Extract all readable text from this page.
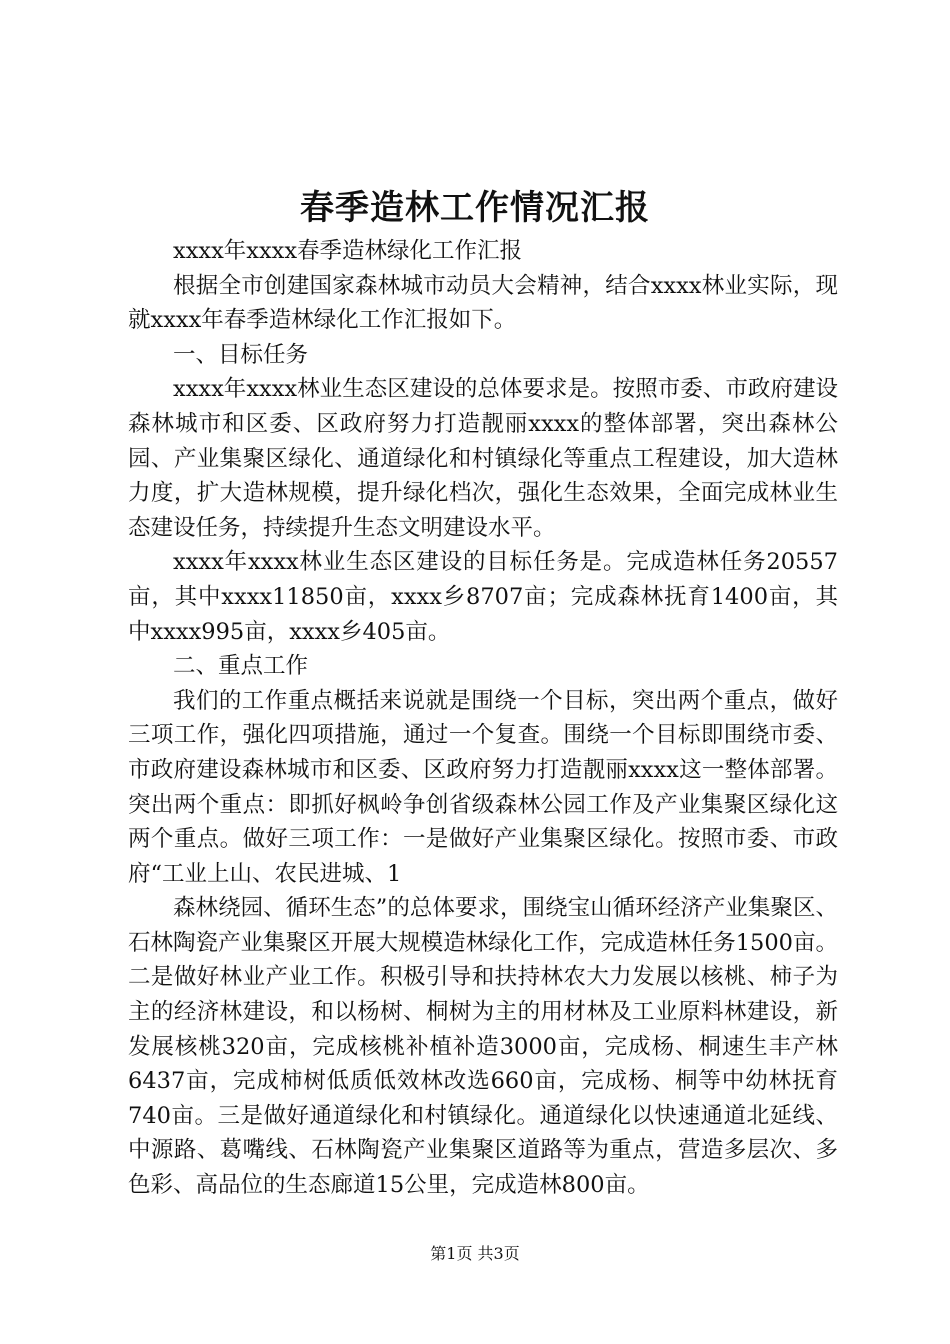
春季造林工作情况汇报

xxxx年xxxx春季造林绿化工作汇报

根据全市创建国家森林城市动员大会精神，结合xxxx林业实际，现就xxxx年春季造林绿化工作汇报如下。

一、目标任务

xxxx年xxxx林业生态区建设的总体要求是。按照市委、市政府建设森林城市和区委、区政府努力打造靓丽xxxx的整体部署，突出森林公园、产业集聚区绿化、通道绿化和村镇绿化等重点工程建设，加大造林力度，扩大造林规模，提升绿化档次，强化生态效果，全面完成林业生态建设任务，持续提升生态文明建设水平。

xxxx年xxxx林业生态区建设的目标任务是。完成造林任务20557亩，其中xxxx11850亩，xxxx乡8707亩；完成森林抚育1400亩，其中xxxx995亩，xxxx乡405亩。

二、重点工作

我们的工作重点概括来说就是围绕一个目标，突出两个重点，做好三项工作，强化四项措施，通过一个复查。围绕一个目标即围绕市委、市政府建设森林城市和区委、区政府努力打造靓丽xxxx这一整体部署。突出两个重点：即抓好枫岭争创省级森林公园工作及产业集聚区绿化这两个重点。做好三项工作：一是做好产业集聚区绿化。按照市委、市政府“工业上山、农民进城、1

森林绕园、循环生态”的总体要求，围绕宝山循环经济产业集聚区、石林陶瓷产业集聚区开展大规模造林绿化工作，完成造林任务1500亩。二是做好林业产业工作。积极引导和扶持林农大力发展以核桃、柿子为主的经济林建设，和以杨树、桐树为主的用材林及工业原料林建设，新发展核桃320亩，完成核桃补植补造3000亩，完成杨、桐速生丰产林6437亩，完成柿树低质低效林改选660亩，完成杨、桐等中幼林抚育740亩。三是做好通道绿化和村镇绿化。通道绿化以快速通道北延线、中源路、葛嘴线、石林陶瓷产业集聚区道路等为重点，营造多层次、多色彩、高品位的生态廊道15公里，完成造林800亩。

第1页 共3页
